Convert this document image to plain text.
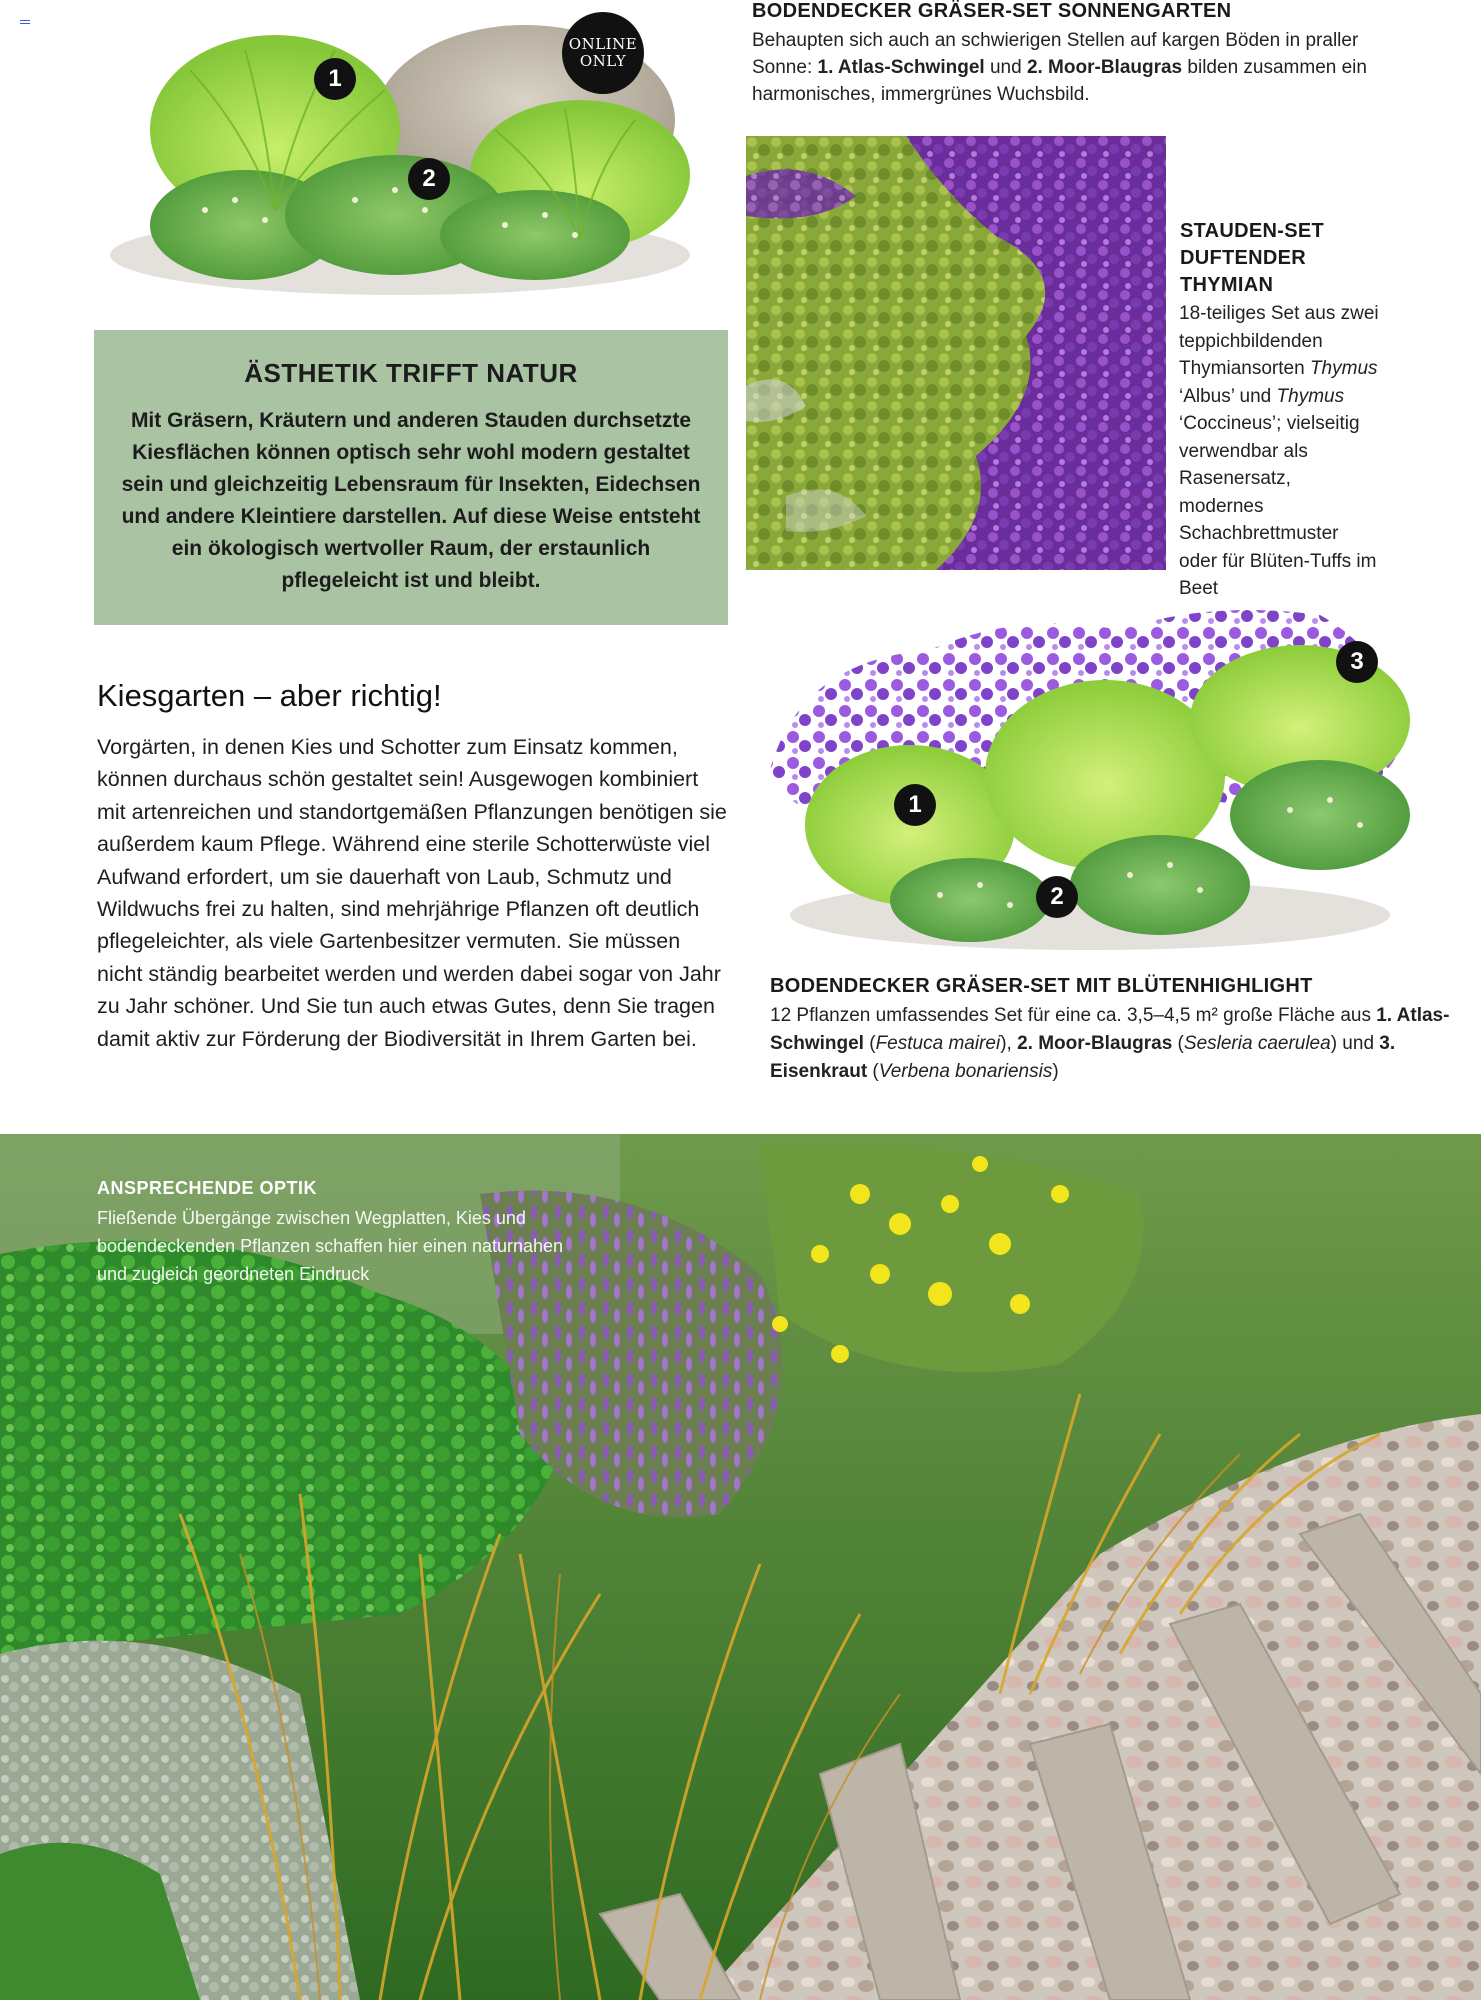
ONLINE
ONLY
1
2
BODENDECKER GRÄSER-SET SONNENGARTEN
Behaupten sich auch an schwierigen Stellen auf kargen Böden in praller Sonne: 1. Atlas-Schwingel und 2. Moor-Blaugras bilden zusammen ein harmonisches, immergrünes Wuchsbild.
STAUDEN-SET DUFTENDER THYMIAN
18-teiliges Set aus zwei teppichbildenden Thymiansorten Thymus ‘Albus’ und Thymus ‘Coccineus’; vielseitig verwendbar als Rasenersatz, modernes Schachbrettmuster oder für Blüten-Tuffs im Beet
ÄSTHETIK TRIFFT NATUR
Mit Gräsern, Kräutern und anderen Stauden durchsetzte Kiesflächen können optisch sehr wohl modern gestaltet sein und gleichzeitig Lebensraum für Insekten, Eidechsen und andere Kleintiere darstellen. Auf diese Weise entsteht ein ökologisch wertvoller Raum, der erstaunlich pflegeleicht ist und bleibt.
Kiesgarten – aber richtig!
Vorgärten, in denen Kies und Schotter zum Einsatz kommen, können durchaus schön gestaltet sein! Ausgewogen kombiniert mit artenreichen und standortgemäßen Pflanzungen benötigen sie außerdem kaum Pflege. Während eine sterile Schotterwüste viel Aufwand erfordert, um sie dauerhaft von Laub, Schmutz und Wildwuchs frei zu halten, sind mehrjährige Pflanzen oft deutlich pflegeleichter, als viele Gartenbesitzer vermuten. Sie müssen nicht ständig bearbeitet werden und werden dabei sogar von Jahr zu Jahr schöner. Und Sie tun auch etwas Gutes, denn Sie tragen damit aktiv zur Förderung der Biodiversität in Ihrem Garten bei.
1
2
3
BODENDECKER GRÄSER-SET MIT BLÜTENHIGHLIGHT
12 Pflanzen umfassendes Set für eine ca. 3,5–4,5 m² große Fläche aus 1. Atlas-Schwingel (Festuca mairei), 2. Moor-Blaugras (Sesleria caerulea) und 3. Eisenkraut (Verbena bonariensis)
ANSPRECHENDE OPTIK
Fließende Übergänge zwischen Wegplatten, Kies und bodendeckenden Pflanzen schaffen hier einen naturnahen und zugleich geordneten Eindruck
